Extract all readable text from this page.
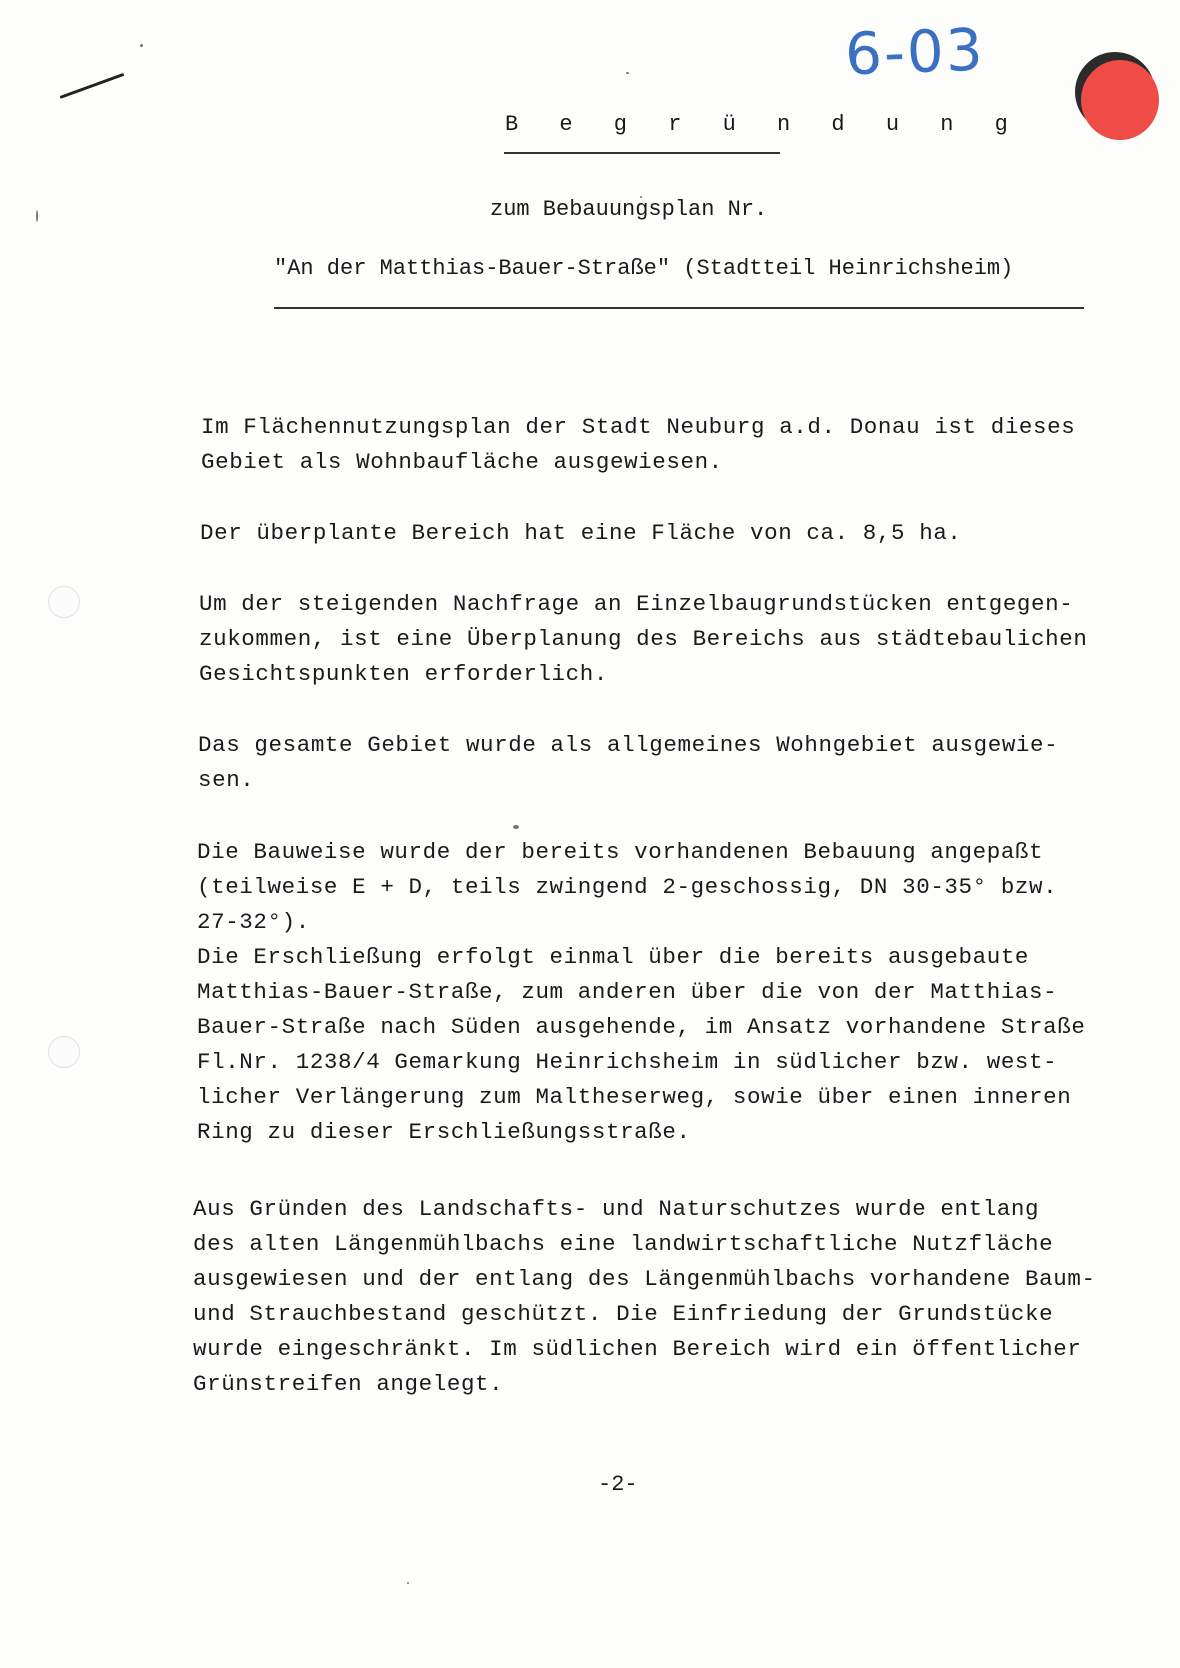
6-03
B e g r ü n d u n g
zum Bebauungsplan Nr.
"An der Matthias-Bauer-Straße" (Stadtteil Heinrichsheim)
Im Flächennutzungsplan der Stadt Neuburg a.d. Donau ist dieses
Gebiet als Wohnbaufläche ausgewiesen.
Der überplante Bereich hat eine Fläche von ca. 8,5 ha.
Um der steigenden Nachfrage an Einzelbaugrundstücken entgegen-
zukommen, ist eine Überplanung des Bereichs aus städtebaulichen
Gesichtspunkten erforderlich.
Das gesamte Gebiet wurde als allgemeines Wohngebiet ausgewie-
sen.
Die Bauweise wurde der bereits vorhandenen Bebauung angepaßt
(teilweise E + D, teils zwingend 2-geschossig, DN 30-35° bzw.
27-32°).
Die Erschließung erfolgt einmal über die bereits ausgebaute
Matthias-Bauer-Straße, zum anderen über die von der Matthias-
Bauer-Straße nach Süden ausgehende, im Ansatz vorhandene Straße
Fl.Nr. 1238/4 Gemarkung Heinrichsheim in südlicher bzw. west-
licher Verlängerung zum Maltheserweg, sowie über einen inneren
Ring zu dieser Erschließungsstraße.
Aus Gründen des Landschafts- und Naturschutzes wurde entlang
des alten Längenmühlbachs eine landwirtschaftliche Nutzfläche
ausgewiesen und der entlang des Längenmühlbachs vorhandene Baum-
und Strauchbestand geschützt. Die Einfriedung der Grundstücke
wurde eingeschränkt. Im südlichen Bereich wird ein öffentlicher
Grünstreifen angelegt.
-2-
